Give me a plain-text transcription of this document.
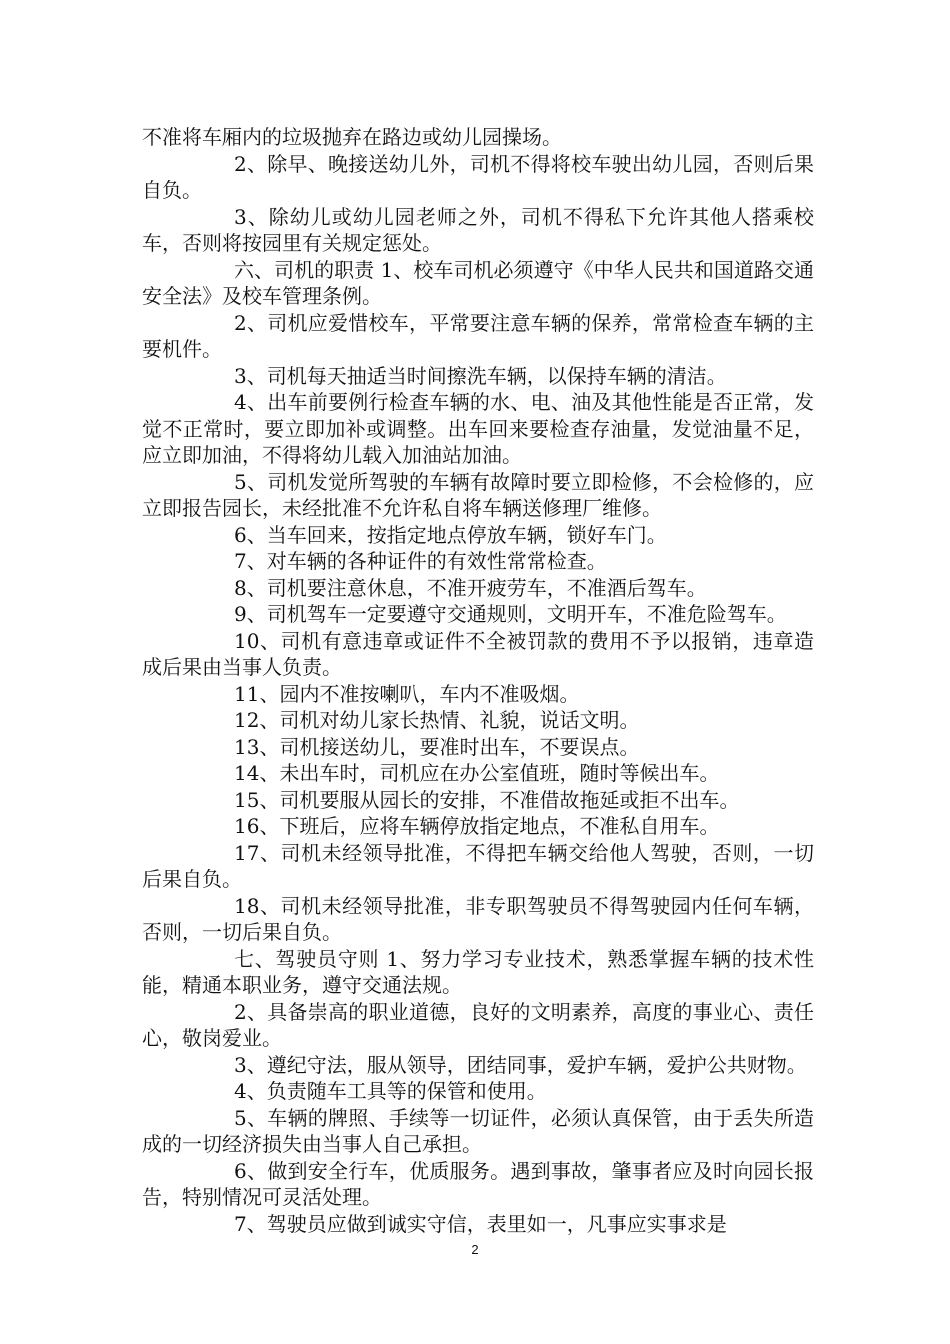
不准将车厢内的垃圾抛弃在路边或幼儿园操场。

2、除早、晚接送幼儿外，司机不得将校车驶出幼儿园，否则后果自负。

3、除幼儿或幼儿园老师之外，司机不得私下允许其他人搭乘校车，否则将按园里有关规定惩处。

六、司机的职责 1、校车司机必须遵守《中华人民共和国道路交通安全法》及校车管理条例。

2、司机应爱惜校车，平常要注意车辆的保养，常常检查车辆的主要机件。

3、司机每天抽适当时间擦洗车辆，以保持车辆的清洁。

4、出车前要例行检查车辆的水、电、油及其他性能是否正常，发觉不正常时，要立即加补或调整。出车回来要检查存油量，发觉油量不足，应立即加油，不得将幼儿载入加油站加油。

5、司机发觉所驾驶的车辆有故障时要立即检修，不会检修的，应立即报告园长，未经批准不允许私自将车辆送修理厂维修。

6、当车回来，按指定地点停放车辆，锁好车门。

7、对车辆的各种证件的有效性常常检查。

8、司机要注意休息，不准开疲劳车，不准酒后驾车。

9、司机驾车一定要遵守交通规则，文明开车，不准危险驾车。

10、司机有意违章或证件不全被罚款的费用不予以报销，违章造成后果由当事人负责。

11、园内不准按喇叭，车内不准吸烟。

12、司机对幼儿家长热情、礼貌，说话文明。

13、司机接送幼儿，要准时出车，不要误点。

14、未出车时，司机应在办公室值班，随时等候出车。

15、司机要服从园长的安排，不准借故拖延或拒不出车。

16、下班后，应将车辆停放指定地点，不准私自用车。

17、司机未经领导批准，不得把车辆交给他人驾驶，否则，一切后果自负。

18、司机未经领导批准，非专职驾驶员不得驾驶园内任何车辆，否则，一切后果自负。

七、驾驶员守则 1、努力学习专业技术，熟悉掌握车辆的技术性能，精通本职业务，遵守交通法规。

2、具备崇高的职业道德，良好的文明素养，高度的事业心、责任心，敬岗爱业。

3、遵纪守法，服从领导，团结同事，爱护车辆，爱护公共财物。

4、负责随车工具等的保管和使用。

5、车辆的牌照、手续等一切证件，必须认真保管，由于丢失所造成的一切经济损失由当事人自己承担。

6、做到安全行车，优质服务。遇到事故，肇事者应及时向园长报告，特别情况可灵活处理。

7、驾驶员应做到诚实守信，表里如一，凡事应实事求是

2
